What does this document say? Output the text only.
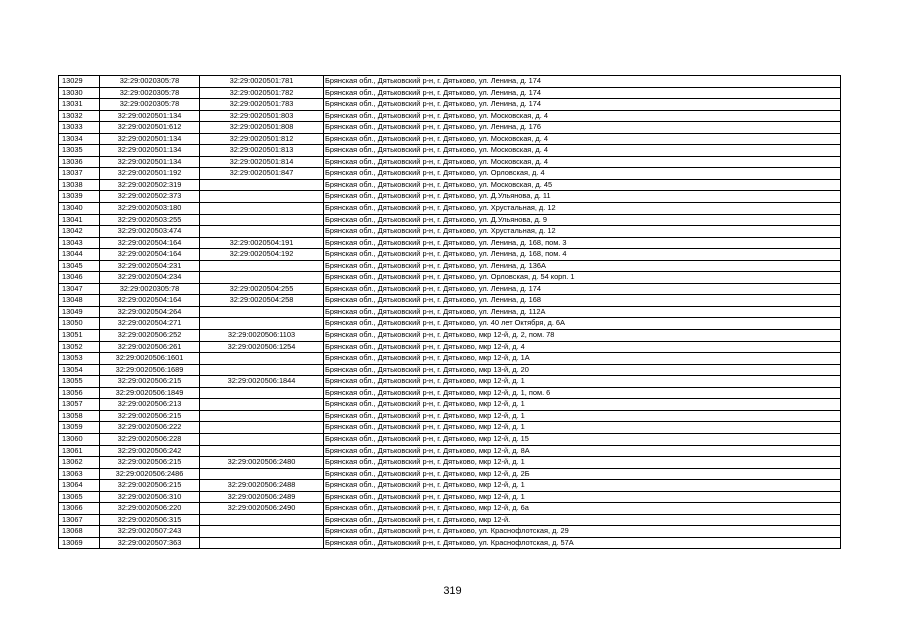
13029	32:29:0020305:78	32:29:0020501:781	Брянская обл., Дятьковский р-н, г. Дятьково, ул. Ленина, д. 174
13030	32:29:0020305:78	32:29:0020501:782	Брянская обл., Дятьковский р-н, г. Дятьково, ул. Ленина, д. 174
13031	32:29:0020305:78	32:29:0020501:783	Брянская обл., Дятьковский р-н, г. Дятьково, ул. Ленина, д. 174
13032	32:29:0020501:134	32:29:0020501:803	Брянская обл., Дятьковский р-н, г. Дятьково, ул. Московская, д. 4
13033	32:29:0020501:612	32:29:0020501:808	Брянская обл., Дятьковский р-н, г. Дятьково, ул. Ленина, д. 176
13034	32:29:0020501:134	32:29:0020501:812	Брянская обл., Дятьковский р-н, г. Дятьково, ул. Московская, д. 4
13035	32:29:0020501:134	32:29:0020501:813	Брянская обл., Дятьковский р-н, г. Дятьково, ул. Московская, д. 4
13036	32:29:0020501:134	32:29:0020501:814	Брянская обл., Дятьковский р-н, г. Дятьково, ул. Московская, д. 4
13037	32:29:0020501:192	32:29:0020501:847	Брянская обл., Дятьковский р-н, г. Дятьково, ул. Орловская, д. 4
13038	32:29:0020502:319		Брянская обл., Дятьковский р-н, г. Дятьково, ул. Московская, д. 45
13039	32:29:0020502:373		Брянская обл., Дятьковский р-н, г. Дятьково, ул. Д.Ульянова, д. 11
13040	32:29:0020503:180		Брянская обл., Дятьковский р-н, г. Дятьково, ул. Хрустальная, д. 12
13041	32:29:0020503:255		Брянская обл., Дятьковский р-н, г. Дятьково, ул. Д.Ульянова, д. 9
13042	32:29:0020503:474		Брянская обл., Дятьковский р-н, г. Дятьково, ул. Хрустальная, д. 12
13043	32:29:0020504:164	32:29:0020504:191	Брянская обл., Дятьковский р-н, г. Дятьково, ул. Ленина, д. 168, пом. 3
13044	32:29:0020504:164	32:29:0020504:192	Брянская обл., Дятьковский р-н, г. Дятьково, ул. Ленина, д. 168, пом. 4
13045	32:29:0020504:231		Брянская обл., Дятьковский р-н, г. Дятьково, ул. Ленина, д. 136А
13046	32:29:0020504:234		Брянская обл., Дятьковский р-н, г. Дятьково, ул. Орловская, д. 54 корп. 1
13047	32:29:0020305:78	32:29:0020504:255	Брянская обл., Дятьковский р-н, г. Дятьково, ул. Ленина, д. 174
13048	32:29:0020504:164	32:29:0020504:258	Брянская обл., Дятьковский р-н, г. Дятьково, ул. Ленина, д. 168
13049	32:29:0020504:264		Брянская обл., Дятьковский р-н, г. Дятьково, ул. Ленина, д. 112А
13050	32:29:0020504:271		Брянская обл., Дятьковский р-н, г. Дятьково, ул. 40 лет Октября, д. 6А
13051	32:29:0020506:252	32:29:0020506:1103	Брянская обл., Дятьковский р-н, г. Дятьково, мкр 12-й, д. 2, пом. 78
13052	32:29:0020506:261	32:29:0020506:1254	Брянская обл., Дятьковский р-н, г. Дятьково, мкр 12-й, д. 4
13053	32:29:0020506:1601		Брянская обл., Дятьковский р-н, г. Дятьково, мкр 12-й, д. 1А
13054	32:29:0020506:1689		Брянская обл., Дятьковский р-н, г. Дятьково, мкр 13-й, д. 20
13055	32:29:0020506:215	32:29:0020506:1844	Брянская обл., Дятьковский р-н, г. Дятьково, мкр 12-й, д. 1
13056	32:29:0020506:1849		Брянская обл., Дятьковский р-н, г. Дятьково, мкр 12-й, д. 1, пом. 6
13057	32:29:0020506:213		Брянская обл., Дятьковский р-н, г. Дятьково, мкр 12-й, д. 1
13058	32:29:0020506:215		Брянская обл., Дятьковский р-н, г. Дятьково, мкр 12-й, д. 1
13059	32:29:0020506:222		Брянская обл., Дятьковский р-н, г. Дятьково, мкр 12-й, д. 1
13060	32:29:0020506:228		Брянская обл., Дятьковский р-н, г. Дятьково, мкр 12-й, д. 15
13061	32:29:0020506:242		Брянская обл., Дятьковский р-н, г. Дятьково, мкр 12-й, д. 8А
13062	32:29:0020506:215	32:29:0020506:2480	Брянская обл., Дятьковский р-н, г. Дятьково, мкр 12-й, д. 1
13063	32:29:0020506:2486		Брянская обл., Дятьковский р-н, г. Дятьково, мкр 12-й, д. 2Б
13064	32:29:0020506:215	32:29:0020506:2488	Брянская обл., Дятьковский р-н, г. Дятьково, мкр 12-й, д. 1
13065	32:29:0020506:310	32:29:0020506:2489	Брянская обл., Дятьковский р-н, г. Дятьково, мкр 12-й, д. 1
13066	32:29:0020506:220	32:29:0020506:2490	Брянская обл., Дятьковский р-н, г. Дятьково, мкр 12-й, д. 6а
13067	32:29:0020506:315		Брянская обл., Дятьковский р-н, г. Дятьково, мкр 12-й.
13068	32:29:0020507:243		Брянская обл., Дятьковский р-н, г. Дятьково, ул. Краснофлотская, д. 29
13069	32:29:0020507:363		Брянская обл., Дятьковский р-н, г. Дятьково, ул. Краснофлотская, д. 57А
319
